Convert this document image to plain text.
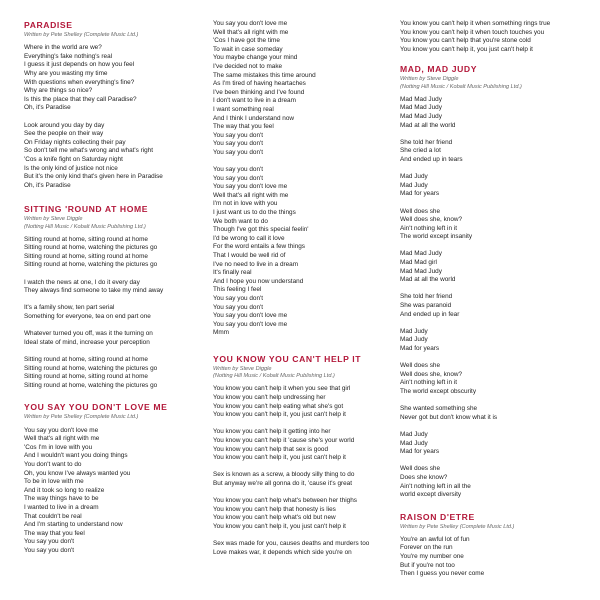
PARADISE
Written by Pete Shelley (Complete Music Ltd.)
Where in the world are we?
Everything's fake nothing's real
I guess it just depends on how you feel
Why are you wasting my time
With questions when everything's fine?
Why are things so nice?
Is this the place that they call Paradise?
Oh, it's Paradise
Look around you day by day
See the people on their way
On Friday nights collecting their pay
So don't tell me what's wrong and what's right
'Cos a knife fight on Saturday night
Is the only kind of justice not nice
But it's the only kind that's given here in Paradise
Oh, it's Paradise
SITTING 'ROUND AT HOME
Written by Steve Diggle
(Notting Hill Music / Kobalt Music Publishing Ltd.)
Sitting round at home, sitting round at home
Sitting round at home, watching the pictures go
Sitting round at home, sitting round at home
Sitting round at home, watching the pictures go
I watch the news at one, I do it every day
They always find someone to take my mind away
It's a family show, ten part serial
Something for everyone, tea on end part one
Whatever turned you off, was it the turning on
Ideal state of mind, increase your perception
Sitting round at home, sitting round at home
Sitting round at home, watching the pictures go
Sitting round at home, sitting round at home
Sitting round at home, watching the pictures go
YOU SAY YOU DON'T LOVE ME
Written by Pete Shelley (Complete Music Ltd.)
You say you don't love me
Well that's all right with me
'Cos I'm in love with you
And I wouldn't want you doing things
You don't want to do
Oh, you know I've always wanted you
To be in love with me
And it took so long to realize
The way things have to be
I wanted to live in a dream
That couldn't be real
And I'm starting to understand now
The way that you feel
You say you don't
You say you don't
You say you don't love me
Well that's all right with me
'Cos I have got the time
To wait in case someday
You maybe change your mind
I've decided not to make
The same mistakes this time around
As I'm tired of having heartaches
I've been thinking and I've found
I don't want to live in a dream
I want something real
And I think I understand now
The way that you feel
You say you don't
You say you don't
You say you don't
You say you don't
You say you don't
You say you don't love me
Well that's all right with me
I'm not in love with you
I just want us to do the things
We both want to do
Though I've got this special feelin'
I'd be wrong to call it love
For the word entails a few things
That I would be well rid of
I've no need to live in a dream
It's finally real
And I hope you now understand
This feeling I feel
You say you don't
You say you don't
You say you don't love me
You say you don't love me
Mmm
YOU KNOW YOU CAN'T HELP IT
Written by Steve Diggle
(Notting Hill Music / Kobalt Music Publishing Ltd.)
You know you can't help it when you see that girl
You know you can't help undressing her
You know you can't help eating what she's got
You know you can't help it, you just can't help it
You know you can't help it getting into her
You know you can't help it 'cause she's your world
You know you can't help that sex is good
You know you can't help it, you just can't help it
Sex is known as a screw, a bloody silly thing to do
But anyway we're all gonna do it, 'cause it's great
You know you can't help what's between her thighs
You know you can't help that honesty is lies
You know you can't help what's old but new
You know you can't help it, you just can't help it
Sex was made for you, causes deaths and murders too
Love makes war, it depends which side you're on
You know you can't help it when something rings true
You know you can't help it when touch touches you
You know you can't help that you're stone cold
You know you can't help it, you just can't help it
MAD, MAD JUDY
Written by Steve Diggle
(Notting Hill Music / Kobalt Music Publishing Ltd.)
Mad Mad Judy
Mad Mad Judy
Mad Mad Judy
Mad at all the world
She told her friend
She cried a lot
And ended up in tears
Mad Judy
Mad Judy
Mad for years
Well does she
Well does she, know?
Ain't nothing left in it
The world except insanity
Mad Mad Judy
Mad Mad girl
Mad Mad Judy
Mad at all the world
She told her friend
She was paranoid
And ended up in fear
Mad Judy
Mad Judy
Mad for years
Well does she
Well does she, know?
Ain't nothing left in it
The world except obscurity
She wanted something she
Never got but don't know what it is
Mad Judy
Mad Judy
Mad for years
Well does she
Does she know?
Ain't nothing left in all the
world except diversity
RAISON D'ETRE
Written by Pete Shelley (Complete Music Ltd.)
You're an awful lot of fun
Forever on the run
You're my number one
But if you're not too
Then I guess you never come
